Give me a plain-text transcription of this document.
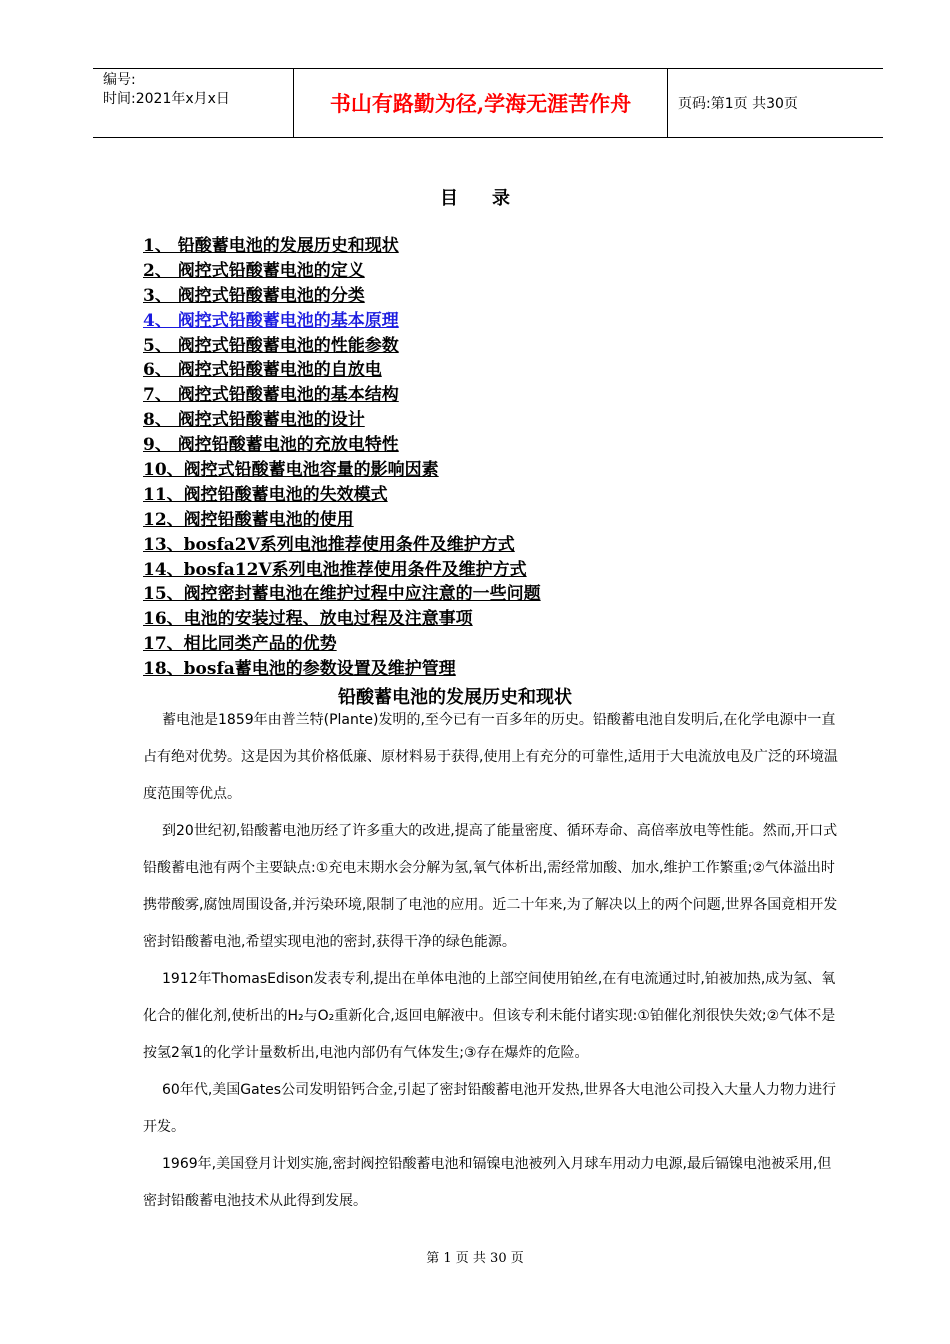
编号:
时间:2021年x月x日	书山有路勤为径,学海无涯苦作舟	页码:第1页 共30页
目录
1、 铅酸蓄电池的发展历史和现状
2、 阀控式铅酸蓄电池的定义
3、 阀控式铅酸蓄电池的分类
4、 阀控式铅酸蓄电池的基本原理
5、 阀控式铅酸蓄电池的性能参数
6、 阀控式铅酸蓄电池的自放电
7、 阀控式铅酸蓄电池的基本结构
8、 阀控式铅酸蓄电池的设计
9、 阀控铅酸蓄电池的充放电特性
10、阀控式铅酸蓄电池容量的影响因素
11、阀控铅酸蓄电池的失效模式
12、阀控铅酸蓄电池的使用
13、bosfa2V系列电池推荐使用条件及维护方式
14、bosfa12V系列电池推荐使用条件及维护方式
15、阀控密封蓄电池在维护过程中应注意的一些问题
16、电池的安装过程、放电过程及注意事项
17、相比同类产品的优势
18、bosfa蓄电池的参数设置及维护管理
铅酸蓄电池的发展历史和现状

蓄电池是1859年由普兰特(Plante)发明的,至今已有一百多年的历史。铅酸蓄电池自发明后,在化学电源中一直占有绝对优势。这是因为其价格低廉、原材料易于获得,使用上有充分的可靠性,适用于大电流放电及广泛的环境温度范围等优点。

到20世纪初,铅酸蓄电池历经了许多重大的改进,提高了能量密度、循环寿命、高倍率放电等性能。然而,开口式铅酸蓄电池有两个主要缺点:①充电末期水会分解为氢,氧气体析出,需经常加酸、加水,维护工作繁重;②气体溢出时携带酸雾,腐蚀周围设备,并污染环境,限制了电池的应用。近二十年来,为了解决以上的两个问题,世界各国竟相开发密封铅酸蓄电池,希望实现电池的密封,获得干净的绿色能源。

1912年ThomasEdison发表专利,提出在单体电池的上部空间使用铂丝,在有电流通过时,铂被加热,成为氢、氧化合的催化剂,使析出的H₂与O₂重新化合,返回电解液中。但该专利未能付诸实现:①铂催化剂很快失效;②气体不是按氢2氧1的化学计量数析出,电池内部仍有气体发生;③存在爆炸的危险。

60年代,美国Gates公司发明铅钙合金,引起了密封铅酸蓄电池开发热,世界各大电池公司投入大量人力物力进行开发。

1969年,美国登月计划实施,密封阀控铅酸蓄电池和镉镍电池被列入月球车用动力电源,最后镉镍电池被采用,但密封铅酸蓄电池技术从此得到发展。

第 1 页 共 30 页
